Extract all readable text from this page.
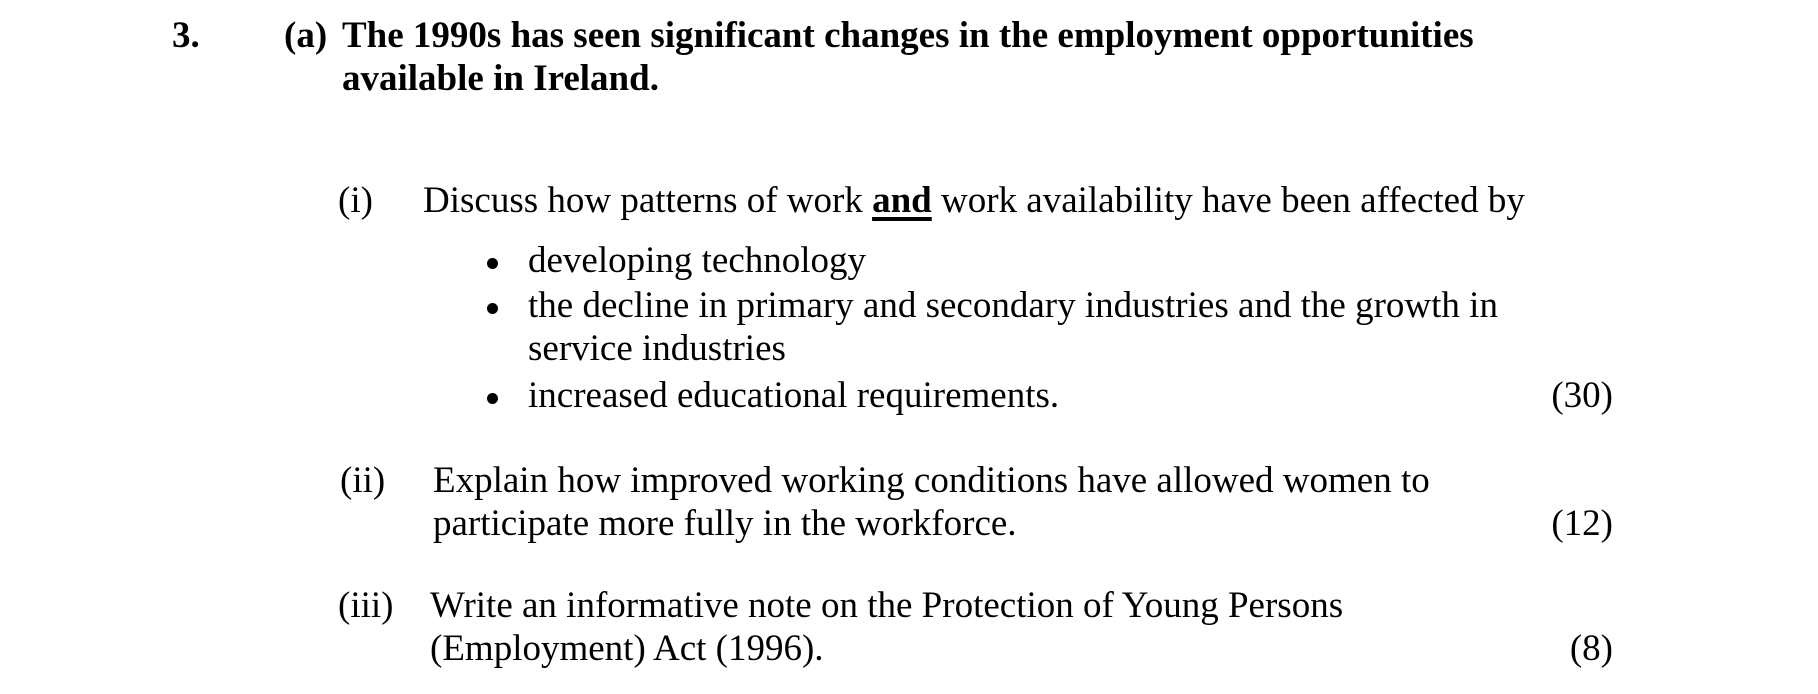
3. (a) The 1990s has seen significant changes in the employment opportunities available in Ireland.
(i) Discuss how patterns of work and work availability have been affected by
developing technology
the decline in primary and secondary industries and the growth in service industries
increased educational requirements.	(30)
(ii) Explain how improved working conditions have allowed women to participate more fully in the workforce.	(12)
(iii) Write an informative note on the Protection of Young Persons (Employment) Act (1996).	(8)
